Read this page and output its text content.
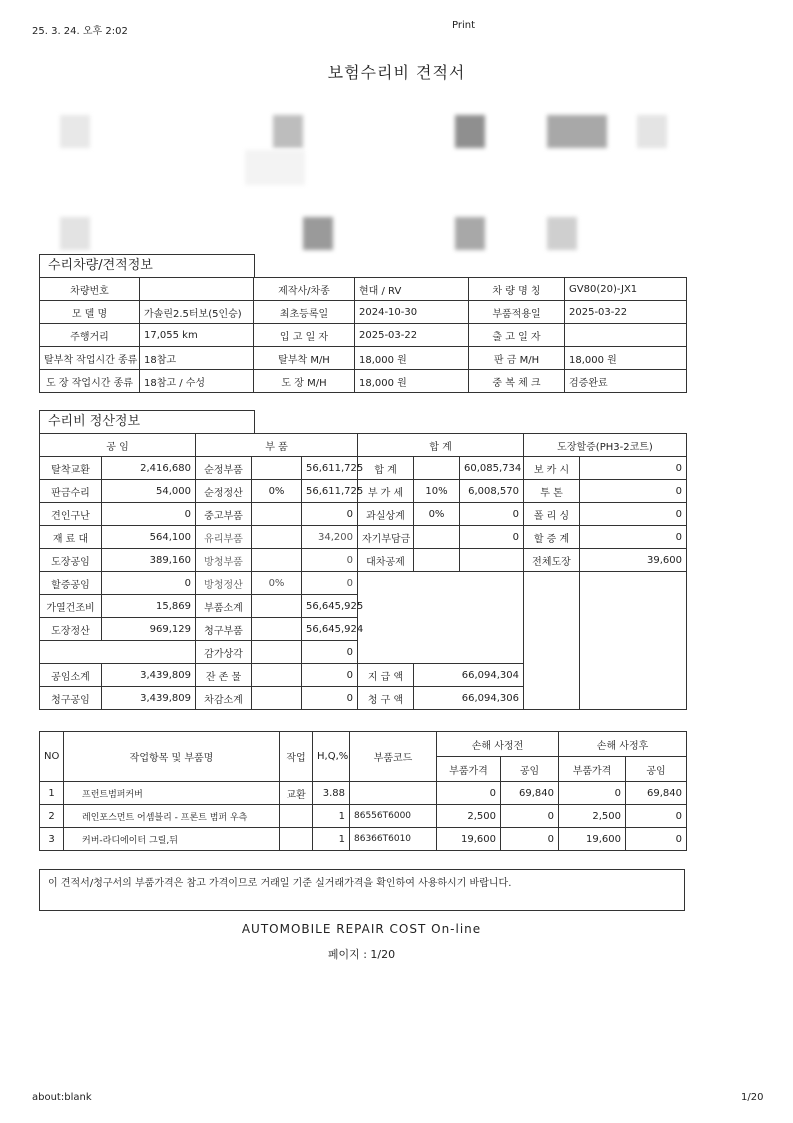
25. 3. 24. 오후 2:02
Print
보험수리비 견적서
수리차량/견적정보
차량번호		제작사/차종	현대 / RV	차 량 명 칭	GV80(20)-JX1
모 델 명	가솔린2.5터보(5인승)	최초등록일	2024-10-30	부품적용일	2025-03-22
주행거리	17,055 km	입 고 일 자	2025-03-22	출 고 일 자	
탈부착 작업시간 종류	18참고	탈부착 M/H	18,000 원	판 금 M/H	18,000 원
도 장 작업시간 종류	18참고 / 수성	도 장 M/H	18,000 원	중 복 체 크	검증완료
수리비 정산정보
공 임		부 품			합 계			도장할증(PH3-2코트)	
탈착교환	2,416,680	순정부품		56,611,725	합 계		60,085,734	보 카 시	0
판금수리	54,000	순정정산	0%	56,611,725	부 가 세	10%	6,008,570	투 톤	0
견인구난	0	중고부품		0	과실상계	0%	0	폴 리 싱	0
재 료 대	564,100	유리부품		34,200	자기부담금		0	할 증 계	0
도장공임	389,160	방청부품		0	대차공제			전체도장	39,600
할증공임	0	방청정산	0%	0					
가열건조비	15,869	부품소계		56,645,925					
도장정산	969,129	청구부품		56,645,924					
		감가상각		0					
공임소계	3,439,809	잔 존 물		0	지 급 액	66,094,304			
청구공임	3,439,809	차감소계		0	청 구 액	66,094,306			
NO	작업항목 및 부품명	작업	H,Q,%	부품코드	손해 사정전		손해 사정후	
					부품가격	공임	부품가격	공임
1	프런트범퍼커버	교환	3.88		0	69,840	0	69,840
2	레인포스먼트 어셈블리 - 프론트 범퍼 우측		1	86556T6000	2,500	0	2,500	0
3	커버-라디에이터 그릴,뒤		1	86366T6010	19,600	0	19,600	0
이 견적서/청구서의 부품가격은 참고 가격이므로 거래일 기준 실거래가격을 확인하여 사용하시기 바랍니다.
AUTOMOBILE REPAIR COST On-line
페이지 : 1/20
about:blank	1/20
